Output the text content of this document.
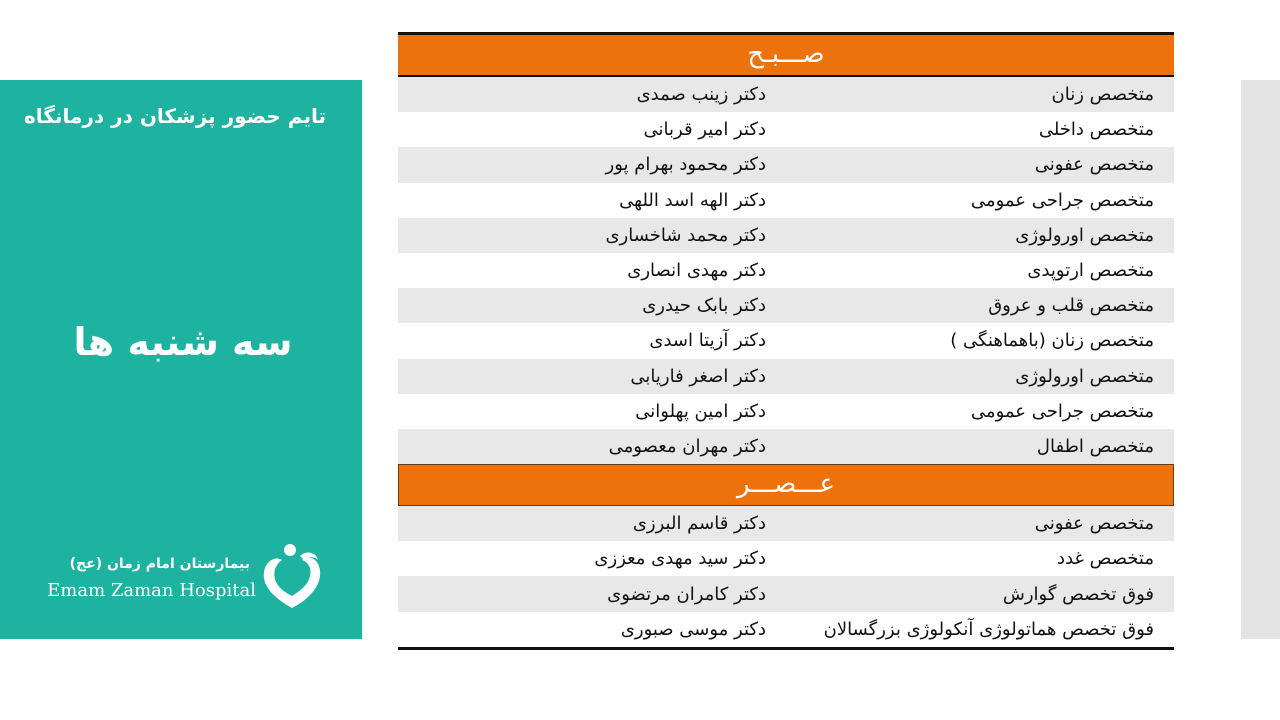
تایم حضور پزشکان در درمانگاه
سه شنبه ها
بیمارستان امام زمان (عج)
Emam Zaman Hospital
صـــبـح
دکتر زینب صمدی	متخصص زنان
دکتر امیر قربانی	متخصص داخلی
دکتر محمود بهرام پور	متخصص عفونی
دکتر الهه اسد اللهی	متخصص جراحی عمومی
دکتر محمد شاخساری	متخصص اورولوژی
دکتر مهدی انصاری	متخصص ارتوپدی
دکتر بابک حیدری	متخصص قلب و عروق
دکتر آزیتا اسدی	متخصص زنان (باهماهنگی )
دکتر اصغر فاریابی	متخصص اورولوژی
دکتر امین پهلوانی	متخصص جراحی عمومی
دکتر مهران معصومی	متخصص اطفال
عـــصـــر
دکتر قاسم البرزی	متخصص عفونی
دکتر سید مهدی معززی	متخصص غدد
دکتر کامران مرتضوی	فوق تخصص گوارش
دکتر موسی صبوری	فوق تخصص هماتولوژی آنکولوژی بزرگسالان
